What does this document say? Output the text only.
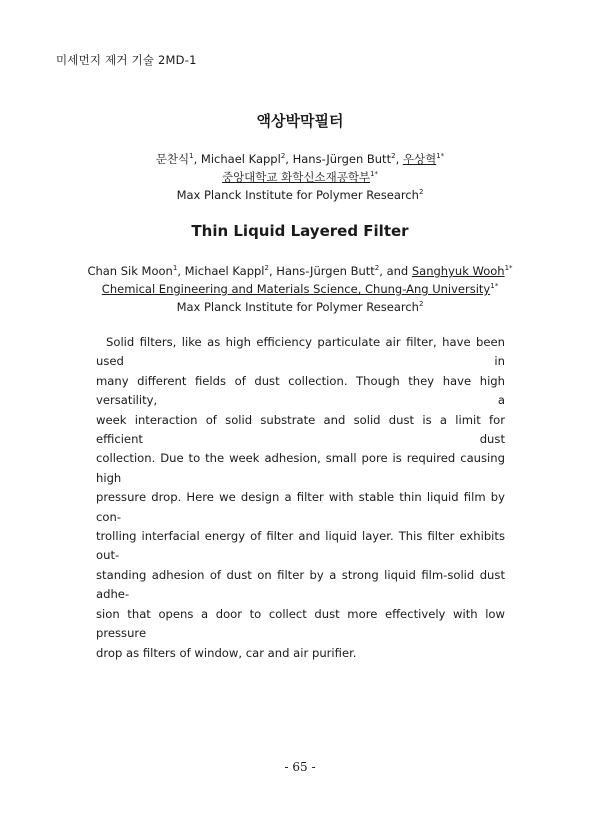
미세먼지 제거 기술 2MD-1
액상박막필터
문찬식$^1$, Michael Kappl$^2$, Hans-Jürgen Butt$^2$, 우상혁$^{1*}$
중앙대학교 화학신소재공학부$^{1*}$
Max Planck Institute for Polymer Research$^2$
Thin Liquid Layered Filter
Chan Sik Moon$^1$, Michael Kappl$^2$, Hans-Jürgen Butt$^2$, and Sanghyuk Wooh$^{1*}$
Chemical Engineering and Materials Science, Chung-Ang University$^{1*}$
Max Planck Institute for Polymer Research$^2$
Solid filters, like as high efficiency particulate air filter, have been used in
many different fields of dust collection. Though they have high versatility, a
week interaction of solid substrate and solid dust is a limit for efficient dust
collection. Due to the week adhesion, small pore is required causing high
pressure drop. Here we design a filter with stable thin liquid film by con-
trolling interfacial energy of filter and liquid layer. This filter exhibits out-
standing adhesion of dust on filter by a strong liquid film-solid dust adhe-
sion that opens a door to collect dust more effectively with low pressure
drop as filters of window, car and air purifier.
- 65 -
